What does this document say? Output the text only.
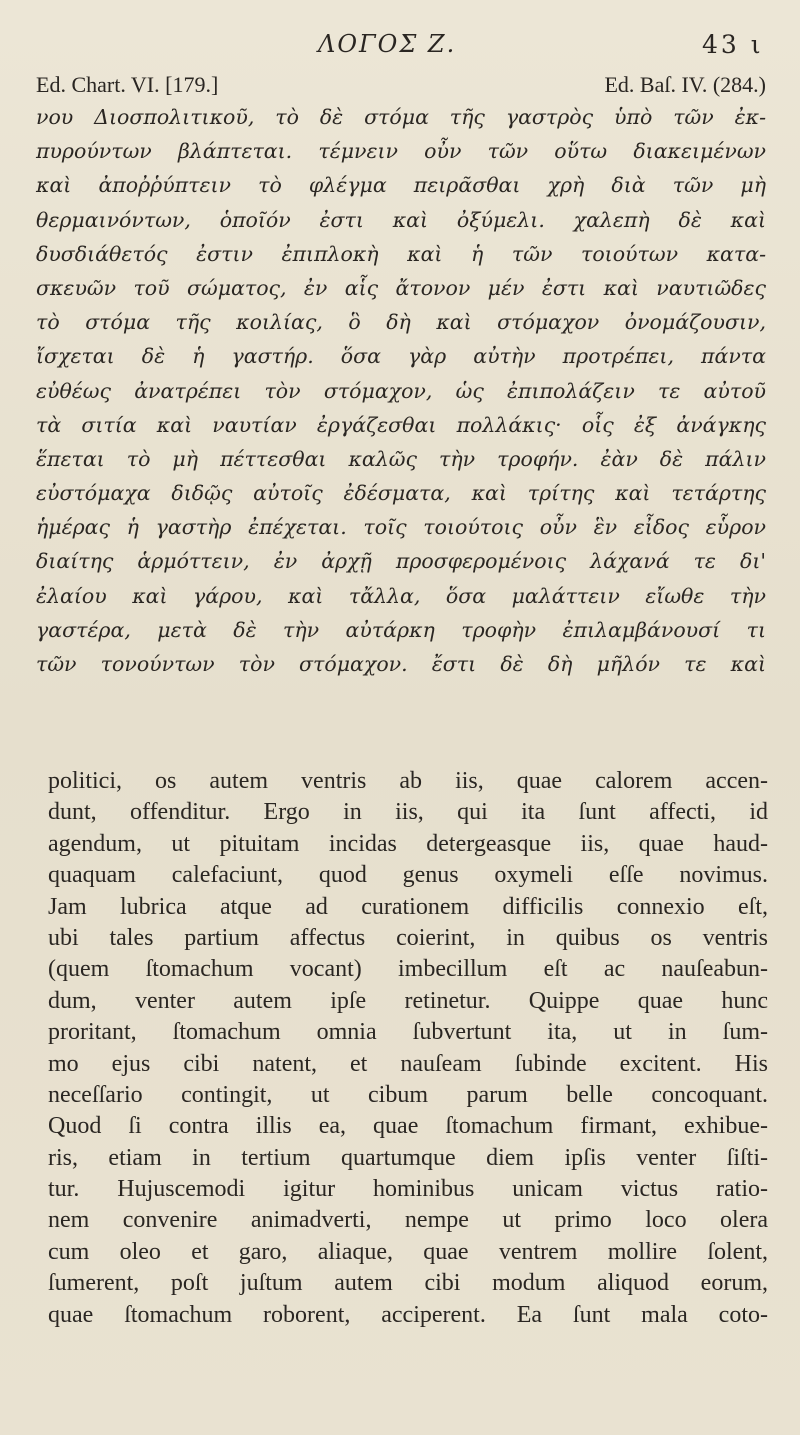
ΛΟΓΟΣ Ζ.	43 ι
Ed. Chart. VI. [179.]	Ed. Baſ. IV. (284.)
νου Διοσπολιτικοῦ, τὸ δὲ στόμα τῆς γαστρὸς ὑπὸ τῶν ἐκ-
πυρούντων βλάπτεται. τέμνειν οὖν τῶν οὕτω διακειμένων
καὶ ἀποῤῥύπτειν τὸ φλέγμα πειρᾶσθαι χρὴ διὰ τῶν μὴ
θερμαινόντων, ὁποῖόν ἐστι καὶ ὀξύμελι. χαλεπὴ δὲ καὶ
δυσδιάθετός ἐστιν ἐπιπλοκὴ καὶ ἡ τῶν τοιούτων κατα-
σκευῶν τοῦ σώματος, ἐν αἷς ἄτονον μέν ἐστι καὶ ναυτιῶδες
τὸ στόμα τῆς κοιλίας, ὃ δὴ καὶ στόμαχον ὀνομάζουσιν,
ἴσχεται δὲ ἡ γαστήρ. ὅσα γὰρ αὐτὴν προτρέπει, πάντα
εὐθέως ἀνατρέπει τὸν στόμαχον, ὡς ἐπιπολάζειν τε αὐτοῦ
τὰ σιτία καὶ ναυτίαν ἐργάζεσθαι πολλάκις· οἷς ἐξ ἀνάγκης
ἕπεται τὸ μὴ πέττεσθαι καλῶς τὴν τροφήν. ἐὰν δὲ πάλιν
εὐστόμαχα διδῷς αὐτοῖς ἐδέσματα, καὶ τρίτης καὶ τετάρτης
ἡμέρας ἡ γαστὴρ ἐπέχεται. τοῖς τοιούτοις οὖν ἓν εἶδος εὗρον
διαίτης ἁρμόττειν, ἐν ἀρχῇ προσφερομένοις λάχανά τε δι'
ἐλαίου καὶ γάρου, καὶ τἄλλα, ὅσα μαλάττειν εἴωθε τὴν
γαστέρα, μετὰ δὲ τὴν αὐτάρκη τροφὴν ἐπιλαμβάνουσί τι
τῶν τονούντων τὸν στόμαχον. ἔστι δὲ δὴ μῆλόν τε καὶ
politici, os autem ventris ab iis, quae calorem accen-
dunt, offenditur. Ergo in iis, qui ita ſunt affecti, id
agendum, ut pituitam incidas detergeasque iis, quae haud-
quaquam calefaciunt, quod genus oxymeli eſſe novimus.
Jam lubrica atque ad curationem difficilis connexio eſt,
ubi tales partium affectus coierint, in quibus os ventris
(quem ſtomachum vocant) imbecillum eſt ac nauſeabun-
dum, venter autem ipſe retinetur. Quippe quae hunc
proritant, ſtomachum omnia ſubvertunt ita, ut in ſum-
mo ejus cibi natent, et nauſeam ſubinde excitent. His
neceſſario contingit, ut cibum parum belle concoquant.
Quod ſi contra illis ea, quae ſtomachum firmant, exhibue-
ris, etiam in tertium quartumque diem ipſis venter ſiſti-
tur. Hujuscemodi igitur hominibus unicam victus ratio-
nem convenire animadverti, nempe ut primo loco olera
cum oleo et garo, aliaque, quae ventrem mollire ſolent,
ſumerent, poſt juſtum autem cibi modum aliquod eorum,
quae ſtomachum roborent, acciperent. Ea ſunt mala coto-
